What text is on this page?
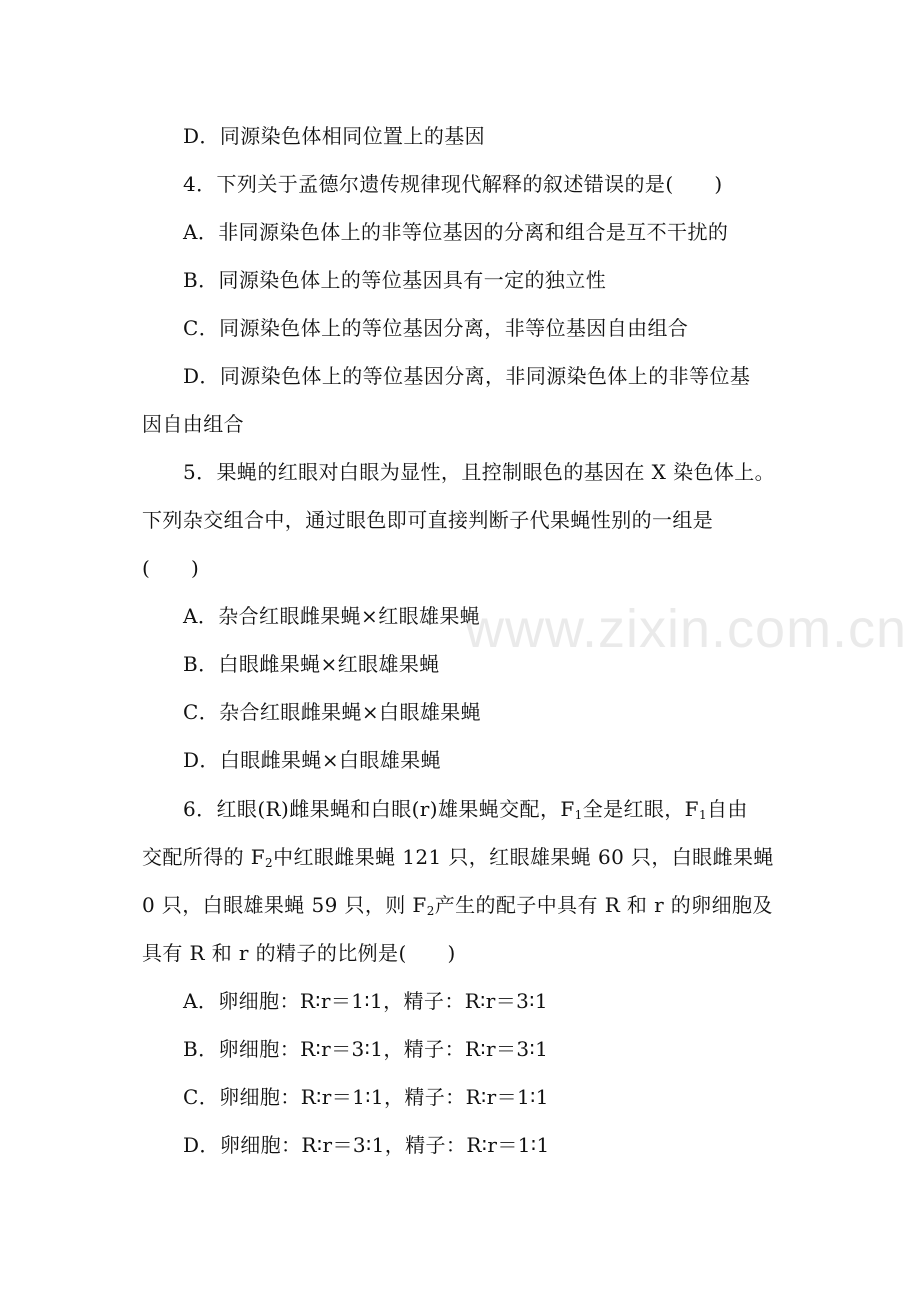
www.zixin.com.cn
D．同源染色体相同位置上的基因
4．下列关于孟德尔遗传规律现代解释的叙述错误的是(　　)
A．非同源染色体上的非等位基因的分离和组合是互不干扰的
B．同源染色体上的等位基因具有一定的独立性
C．同源染色体上的等位基因分离，非等位基因自由组合
D．同源染色体上的等位基因分离，非同源染色体上的非等位基
因自由组合
5．果蝇的红眼对白眼为显性，且控制眼色的基因在 X 染色体上。
下列杂交组合中，通过眼色即可直接判断子代果蝇性别的一组是
(　　)
A．杂合红眼雌果蝇×红眼雄果蝇
B．白眼雌果蝇×红眼雄果蝇
C．杂合红眼雌果蝇×白眼雄果蝇
D．白眼雌果蝇×白眼雄果蝇
6．红眼(R)雌果蝇和白眼(r)雄果蝇交配，$F_1$全是红眼，$F_1$自由
交配所得的 $F_2$中红眼雌果蝇 121 只，红眼雄果蝇 60 只，白眼雌果蝇
0 只，白眼雄果蝇 59 只，则 $F_2$产生的配子中具有 R 和 r 的卵细胞及
具有 R 和 r 的精子的比例是(　　)
A．卵细胞：R∶r＝1∶1，精子：R∶r＝3∶1
B．卵细胞：R∶r＝3∶1，精子：R∶r＝3∶1
C．卵细胞：R∶r＝1∶1，精子：R∶r＝1∶1
D．卵细胞：R∶r＝3∶1，精子：R∶r＝1∶1
